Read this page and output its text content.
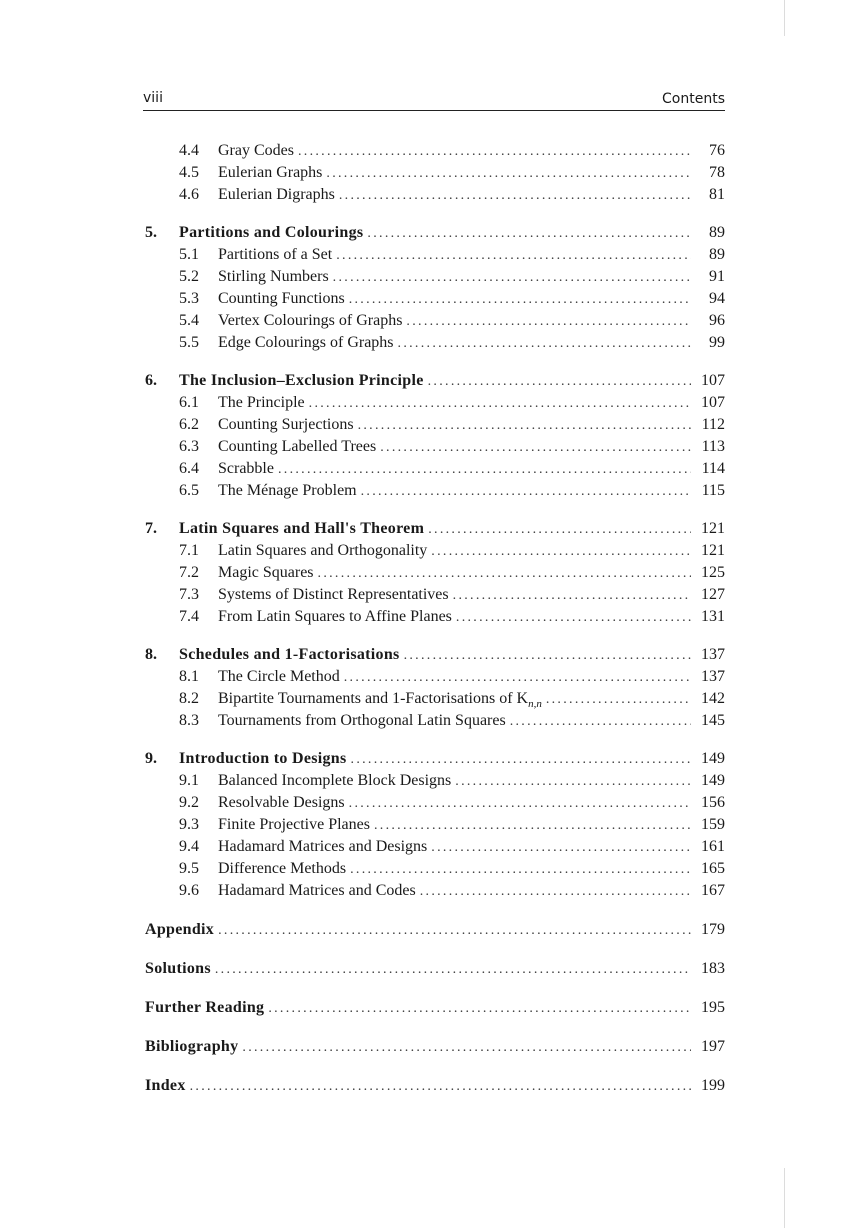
viii	Contents
4.4	Gray Codes . . .	76
4.5	Eulerian Graphs . . .	78
4.6	Eulerian Digraphs . . .	81
5.	Partitions and Colourings . . .	89
5.1	Partitions of a Set . . .	89
5.2	Stirling Numbers . . .	91
5.3	Counting Functions . . .	94
5.4	Vertex Colourings of Graphs . . .	96
5.5	Edge Colourings of Graphs . . .	99
6.	The Inclusion–Exclusion Principle . . .	107
6.1	The Principle . . .	107
6.2	Counting Surjections . . .	112
6.3	Counting Labelled Trees . . .	113
6.4	Scrabble . . .	114
6.5	The Ménage Problem . . .	115
7.	Latin Squares and Hall's Theorem . . .	121
7.1	Latin Squares and Orthogonality . . .	121
7.2	Magic Squares . . .	125
7.3	Systems of Distinct Representatives . . .	127
7.4	From Latin Squares to Affine Planes . . .	131
8.	Schedules and 1-Factorisations . . .	137
8.1	The Circle Method . . .	137
8.2	Bipartite Tournaments and 1-Factorisations of $K_{n,n}$ . . .	142
8.3	Tournaments from Orthogonal Latin Squares . . .	145
9.	Introduction to Designs . . .	149
9.1	Balanced Incomplete Block Designs . . .	149
9.2	Resolvable Designs . . .	156
9.3	Finite Projective Planes . . .	159
9.4	Hadamard Matrices and Designs . . .	161
9.5	Difference Methods . . .	165
9.6	Hadamard Matrices and Codes . . .	167
Appendix . . .	179
Solutions . . .	183
Further Reading . . .	195
Bibliography . . .	197
Index . . .	199
